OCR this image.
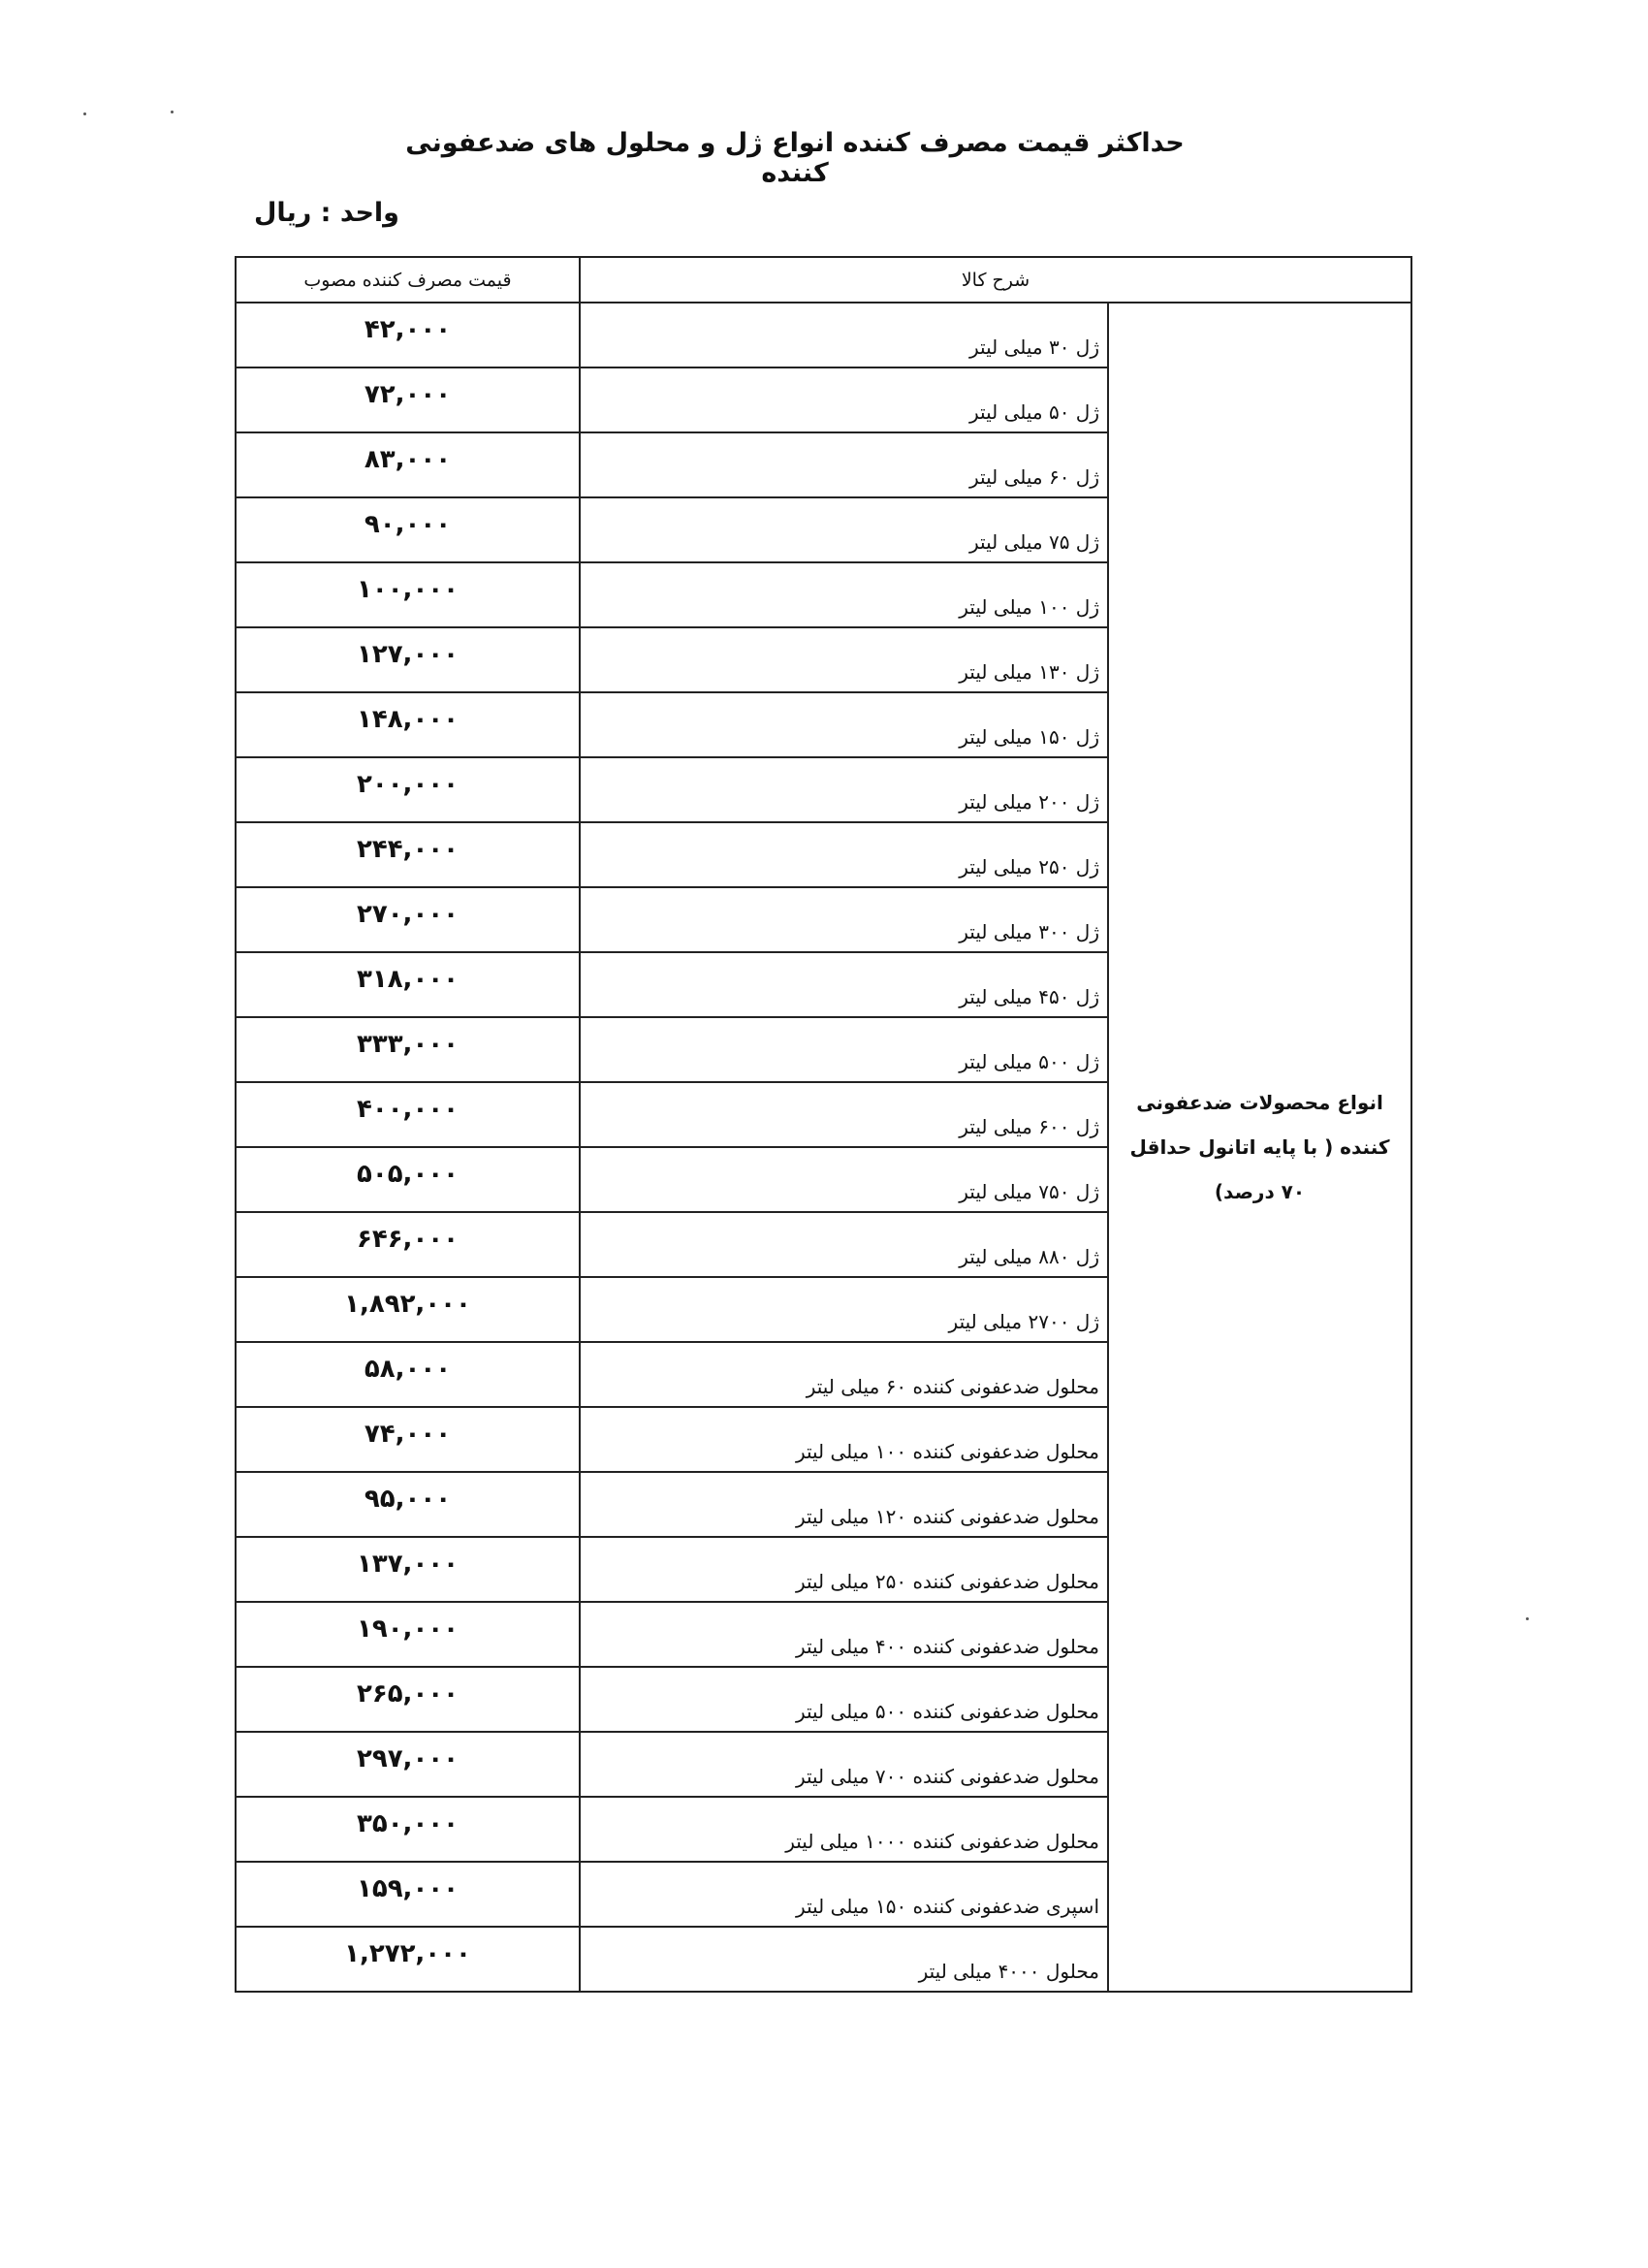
حداکثر قیمت مصرف کننده انواع ژل و محلول های ضدعفونی کننده
واحد : ریال
قیمت مصرف کننده مصوب	شرح کالا	
۴۲,۰۰۰	ژل ۳۰ میلی لیتر	انواع محصولات ضدعفونی کننده ( با پایه اتانول حداقل ۷۰ درصد)
۷۲,۰۰۰	ژل ۵۰ میلی لیتر	
۸۳,۰۰۰	ژل ۶۰ میلی لیتر	
۹۰,۰۰۰	ژل ۷۵ میلی لیتر	
۱۰۰,۰۰۰	ژل ۱۰۰ میلی لیتر	
۱۲۷,۰۰۰	ژل ۱۳۰ میلی لیتر	
۱۴۸,۰۰۰	ژل ۱۵۰ میلی لیتر	
۲۰۰,۰۰۰	ژل ۲۰۰ میلی لیتر	
۲۴۴,۰۰۰	ژل ۲۵۰ میلی لیتر	
۲۷۰,۰۰۰	ژل ۳۰۰ میلی لیتر	
۳۱۸,۰۰۰	ژل ۴۵۰ میلی لیتر	
۳۳۳,۰۰۰	ژل ۵۰۰ میلی لیتر	
۴۰۰,۰۰۰	ژل ۶۰۰ میلی لیتر	
۵۰۵,۰۰۰	ژل ۷۵۰ میلی لیتر	
۶۴۶,۰۰۰	ژل ۸۸۰ میلی لیتر	
۱,۸۹۲,۰۰۰	ژل ۲۷۰۰ میلی لیتر	
۵۸,۰۰۰	محلول ضدعفونی کننده ۶۰ میلی لیتر	
۷۴,۰۰۰	محلول ضدعفونی کننده ۱۰۰ میلی لیتر	
۹۵,۰۰۰	محلول ضدعفونی کننده ۱۲۰ میلی لیتر	
۱۳۷,۰۰۰	محلول ضدعفونی کننده ۲۵۰ میلی لیتر	
۱۹۰,۰۰۰	محلول ضدعفونی کننده ۴۰۰ میلی لیتر	
۲۶۵,۰۰۰	محلول ضدعفونی کننده ۵۰۰ میلی لیتر	
۲۹۷,۰۰۰	محلول ضدعفونی کننده ۷۰۰ میلی لیتر	
۳۵۰,۰۰۰	محلول ضدعفونی کننده ۱۰۰۰ میلی لیتر	
۱۵۹,۰۰۰	اسپری ضدعفونی کننده ۱۵۰ میلی لیتر	
۱,۲۷۲,۰۰۰	محلول ۴۰۰۰ میلی لیتر	
